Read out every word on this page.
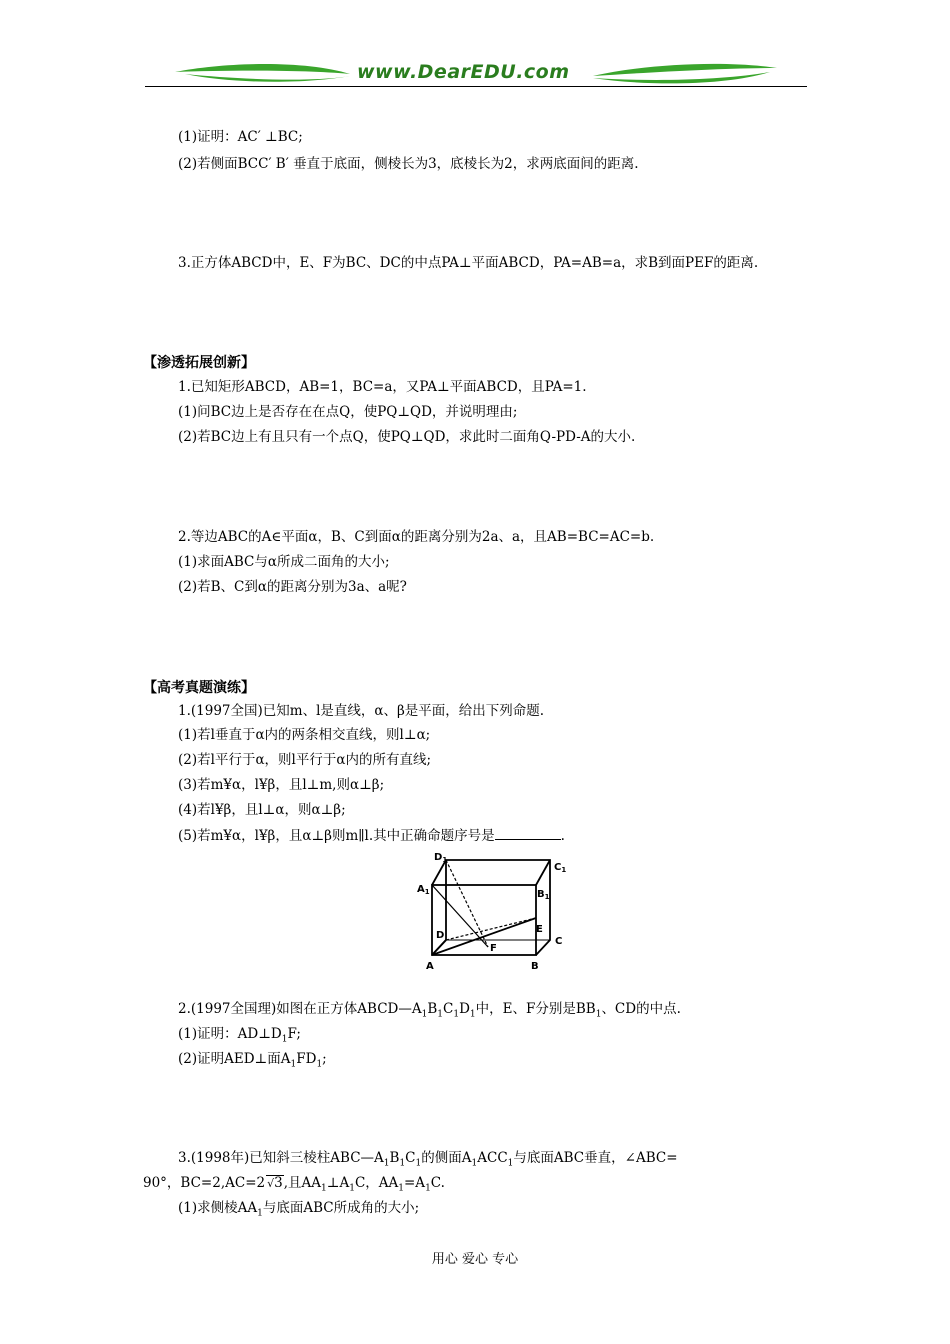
www.DearEDU.com
(1)证明：AC′ ⊥BC;
(2)若侧面BCC′ B′ 垂直于底面，侧棱长为3，底棱长为2，求两底面间的距离.
3.正方体ABCD中，E、F为BC、DC的中点PA⊥平面ABCD，PA=AB=a，求B到面PEF的距离.
【渗透拓展创新】
1.已知矩形ABCD，AB=1，BC=a，又PA⊥平面ABCD，且PA=1.
(1)问BC边上是否存在在点Q，使PQ⊥QD，并说明理由;
(2)若BC边上有且只有一个点Q，使PQ⊥QD，求此时二面角Q-PD-A的大小.
2.等边ABC的A∈平面α，B、C到面α的距离分别为2a、a，且AB=BC=AC=b.
(1)求面ABC与α所成二面角的大小;
(2)若B、C到α的距离分别为3a、a呢?
【高考真题演练】
1.(1997全国)已知m、l是直线，α、β是平面，给出下列命题.
(1)若l垂直于α内的两条相交直线，则l⊥α;
(2)若l平行于α，则l平行于α内的所有直线;
(3)若m¥α，l¥β，且l⊥m,则α⊥β;
(4)若l¥β，且l⊥α，则α⊥β;
(5)若m¥α，l¥β，且α⊥β则m∥l.其中正确命题序号是	.
$D_1$
$C_1$
$A_1$	$B_1$
D
E
C
F
A	B
2.(1997全国理)如图在正方体$ABCD—A_1B_1C_1D_1$中，E、F分别是$BB_1$、CD的中点.
(1)证明：$AD\perp D_1F$;
(2)证明AED⊥面$A_1FD_1$;
3.(1998年)已知斜三棱柱$ABC—A_1B_1C_1$的侧面$A_1ACC_1$与底面ABC垂直，∠ABC=
90°，BC=2,AC=2 √3,且$AA_1\perp A_1C$，$AA_1=A_1C$.
(1)求侧棱$AA_1$与底面ABC所成角的大小;
用心 爱心 专心
